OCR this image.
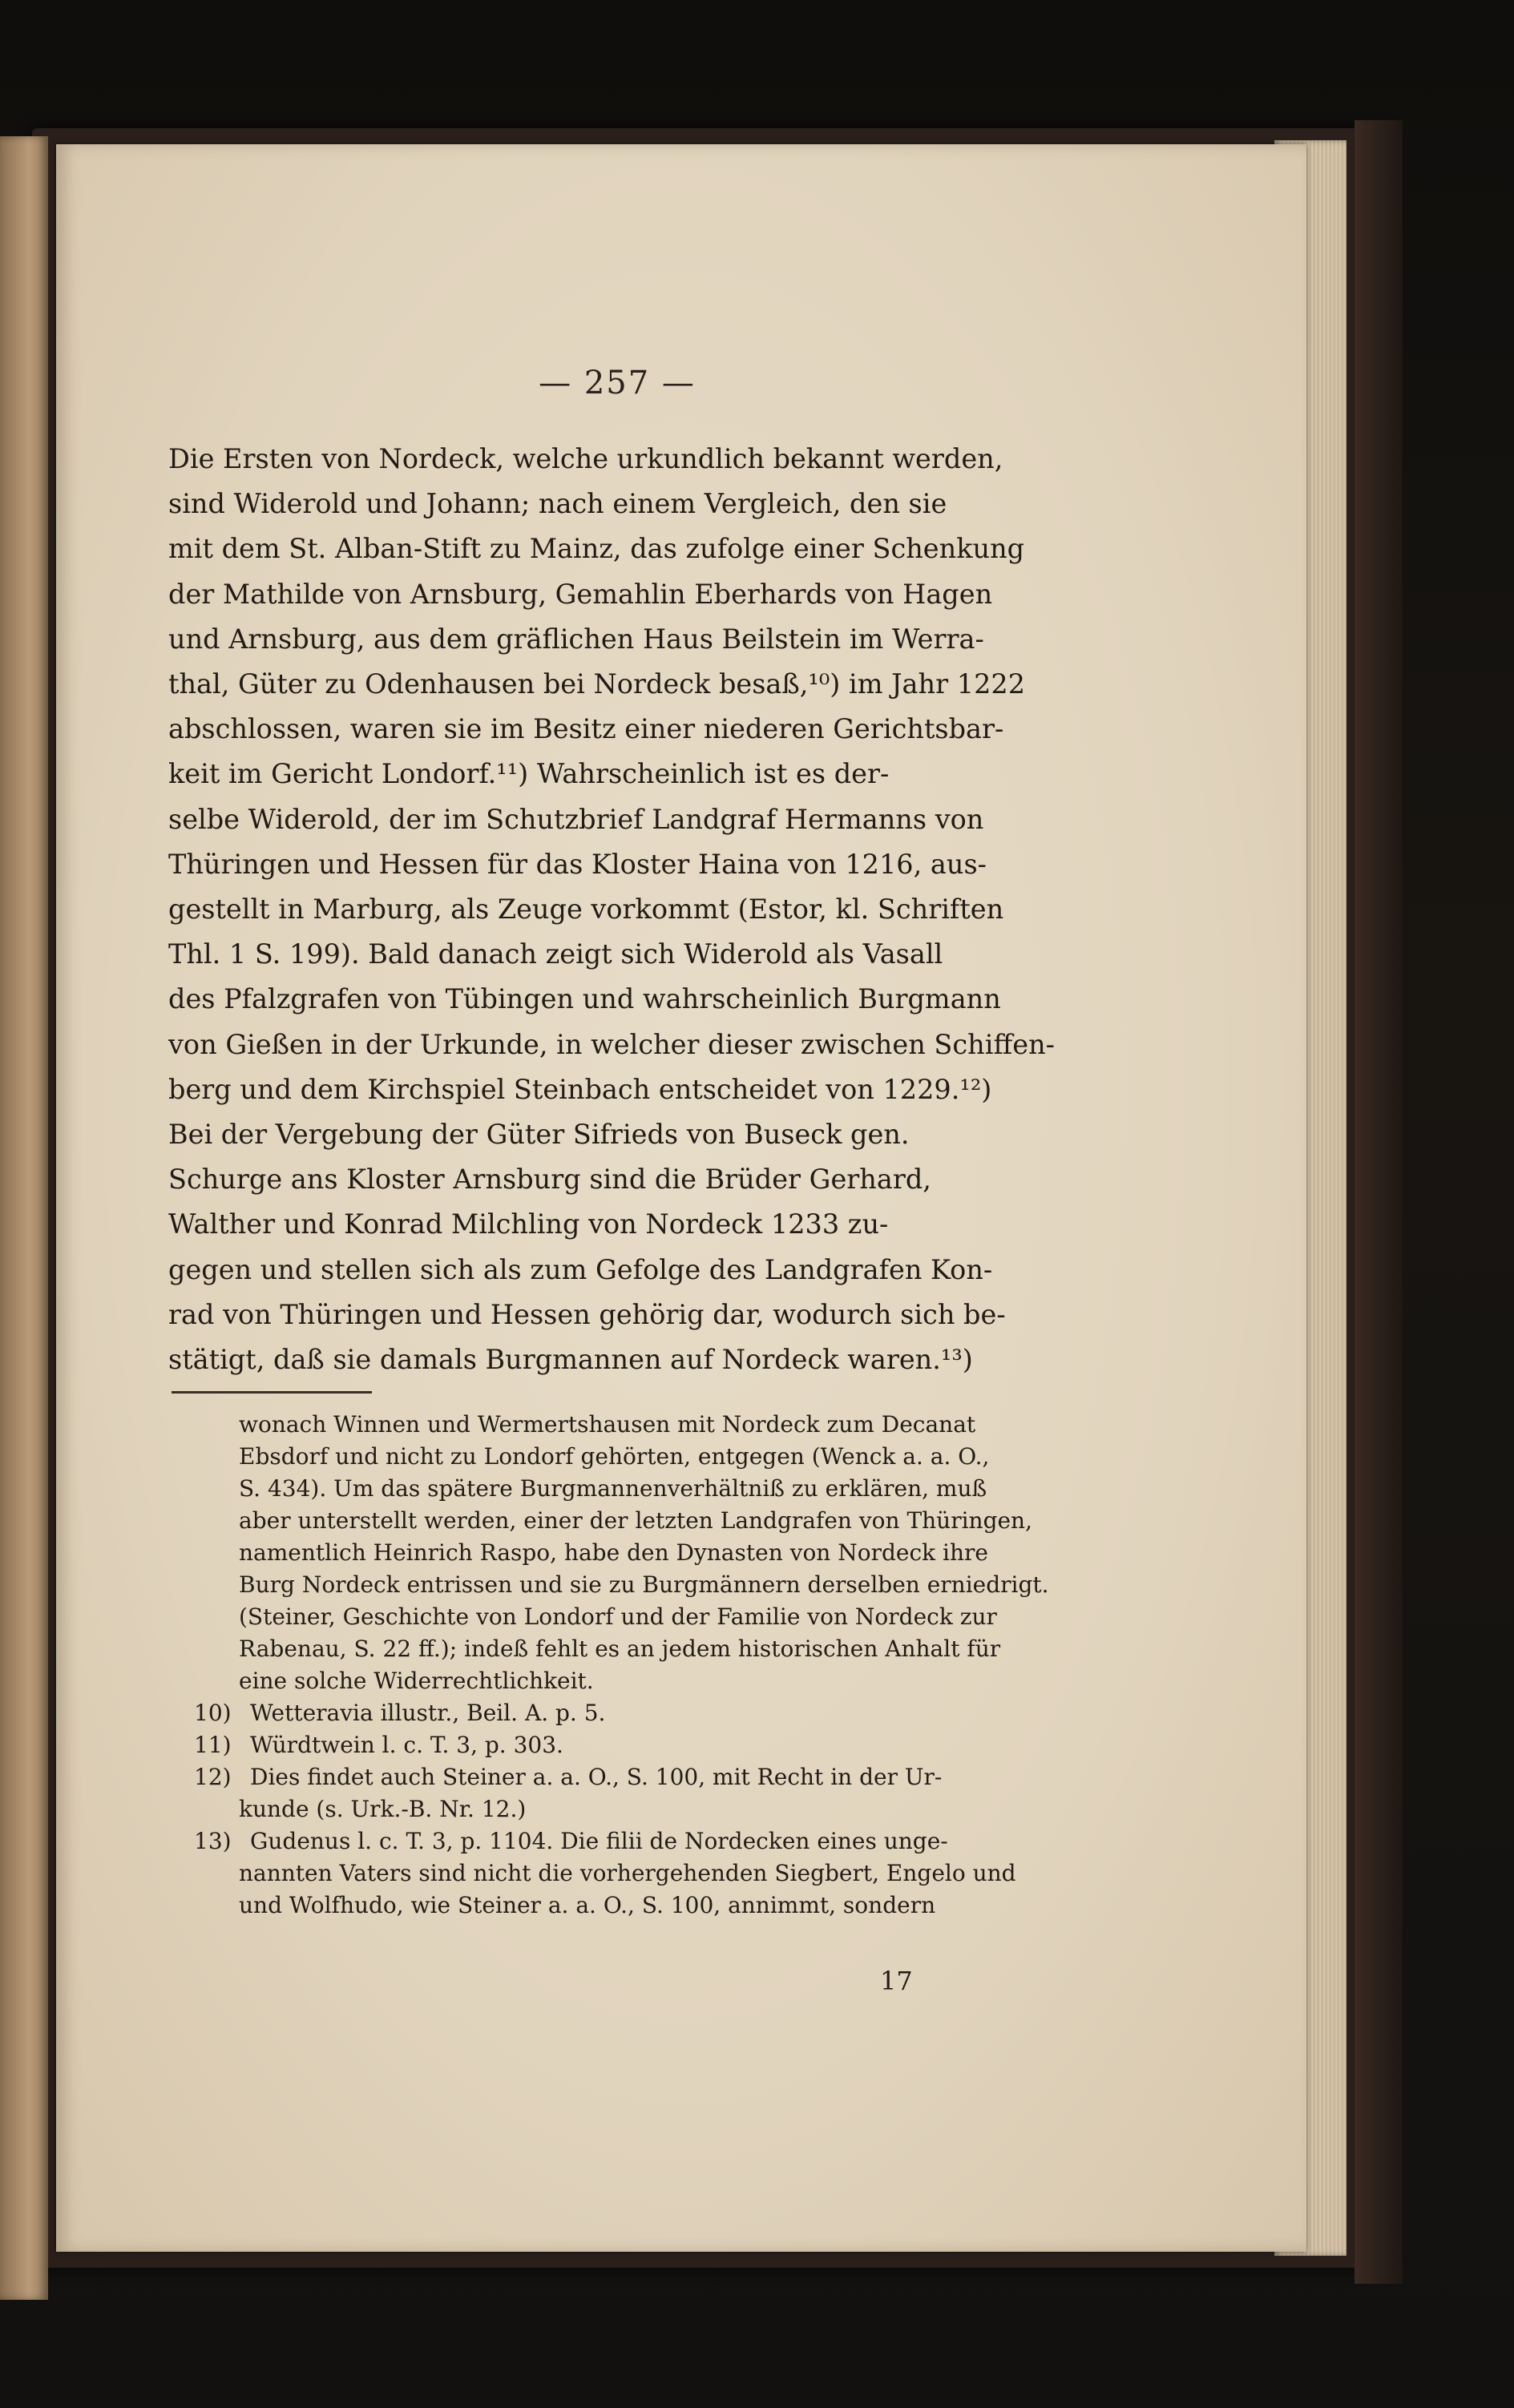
— 257 —
Die Ersten von Nordeck, welche urkundlich bekannt werden,
sind Widerold und Johann; nach einem Vergleich, den sie
mit dem St. Alban-Stift zu Mainz, das zufolge einer Schenkung
der Mathilde von Arnsburg, Gemahlin Eberhards von Hagen
und Arnsburg, aus dem gräflichen Haus Beilstein im Werra-
thal, Güter zu Odenhausen bei Nordeck besaß,¹⁰) im Jahr 1222
abschlossen, waren sie im Besitz einer niederen Gerichtsbar-
keit im Gericht Londorf.¹¹) Wahrscheinlich ist es der-
selbe Widerold, der im Schutzbrief Landgraf Hermanns von
Thüringen und Hessen für das Kloster Haina von 1216, aus-
gestellt in Marburg, als Zeuge vorkommt (Estor, kl. Schriften
Thl. 1 S. 199). Bald danach zeigt sich Widerold als Vasall
des Pfalzgrafen von Tübingen und wahrscheinlich Burgmann
von Gießen in der Urkunde, in welcher dieser zwischen Schiffen-
berg und dem Kirchspiel Steinbach entscheidet von 1229.¹²)
Bei der Vergebung der Güter Sifrieds von Buseck gen.
Schurge ans Kloster Arnsburg sind die Brüder Gerhard,
Walther und Konrad Milchling von Nordeck 1233 zu-
gegen und stellen sich als zum Gefolge des Landgrafen Kon-
rad von Thüringen und Hessen gehörig dar, wodurch sich be-
stätigt, daß sie damals Burgmannen auf Nordeck waren.¹³)
wonach Winnen und Wermertshausen mit Nordeck zum Decanat
Ebsdorf und nicht zu Londorf gehörten, entgegen (Wenck a. a. O.,
S. 434). Um das spätere Burgmannenverhältniß zu erklären, muß
aber unterstellt werden, einer der letzten Landgrafen von Thüringen,
namentlich Heinrich Raspo, habe den Dynasten von Nordeck ihre
Burg Nordeck entrissen und sie zu Burgmännern derselben erniedrigt.
(Steiner, Geschichte von Londorf und der Familie von Nordeck zur
Rabenau, S. 22 ff.); indeß fehlt es an jedem historischen Anhalt für
eine solche Widerrechtlichkeit.
10) Wetteravia illustr., Beil. A. p. 5.
11) Würdtwein l. c. T. 3, p. 303.
12) Dies findet auch Steiner a. a. O., S. 100, mit Recht in der Ur-
kunde (s. Urk.-B. Nr. 12.)
13) Gudenus l. c. T. 3, p. 1104. Die filii de Nordecken eines unge-
nannten Vaters sind nicht die vorhergehenden Siegbert, Engelo und
und Wolfhudo, wie Steiner a. a. O., S. 100, annimmt, sondern
17
